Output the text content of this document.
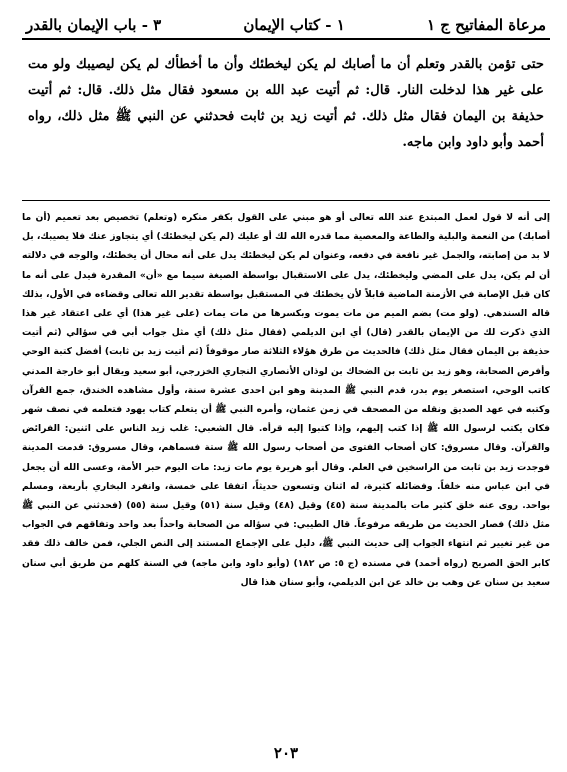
مرعاة المفاتيح ج ١
١ - كتاب الإيمان
٣ - باب الإيمان بالقدر

حتى تؤمن بالقدر وتعلم أن ما أصابك لم يكن ليخطئك وأن ما أخطأك لم يكن ليصيبك ولو مت على غير هذا لدخلت النار. قال: ثم أتيت عبد الله بن مسعود فقال مثل ذلك. قال: ثم أتيت حذيفة بن اليمان فقال مثل ذلك. ثم أتيت زيد بن ثابت فحدثني عن النبي ﷺ مثل ذلك، رواه أحمد وأبو داود وابن ماجه.

إلى أنه لا قول لعمل المبتدع عند الله تعالى أو هو مبني على القول بكفر منكره (وتعلم) تخصيص بعد تعميم (أن ما أصابك) من النعمة والبلية والطاعة والمعصية مما قدره الله لك أو عليك (لم يكن ليخطئك) أي يتجاوز عنك فلا يصيبك، بل لا بد من إصابته، والجمل غير نافعة في دفعه، وعنوان لم يكن ليخطئك يدل على أنه محال أن يخطئك، والوجه في دلالته أن لم يكن، يدل على المضي وليخطئك، يدل على الاستقبال بواسطة الصيغة سيما مع «أن» المقدرة فيدل على أنه ما كان قبل الإصابة في الأزمنة الماضية قابلاً لأن يخطئك في المستقبل بواسطة تقدير الله تعالى وقضاءه في الأول، بذلك قاله السندهي. (ولو مت) بضم الميم من مات يموت وبكسرها من مات يمات (على غير هذا) أي على اعتقاد غير هذا الذي ذكرت لك من الإيمان بالقدر (قال) أي ابن الديلمي (فقال مثل ذلك) أي مثل جواب أبي في سؤالي (ثم أتيت حذيفة بن اليمان فقال مثل ذلك) فالحديث من طرق هؤلاء الثلاثة صار موقوفاً (ثم أتيت زيد بن ثابت) أفضل كتبة الوحي وأفرض الصحابة، وهو زيد بن ثابت بن الضحاك بن لوذان الأنصاري النجاري الخزرجي، أبو سعيد ويقال أبو خارجة المدني كاتب الوحي، استصغر يوم بدر، قدم النبي ﷺ المدينة وهو ابن احدى عشرة سنة، وأول مشاهده الخندق، جمع القرآن وكتبه في عهد الصديق ونقله من المصحف في زمن عثمان، وأمره النبي ﷺ أن يتعلم كتاب يهود فتعلمه في نصف شهر فكان يكتب لرسول الله ﷺ إذا كتب إليهم، وإذا كتبوا إليه قرأه. قال الشعبي: غلب زيد الناس على اثنين: الفرائض والقرآن. وقال مسروق: كان أصحاب الفتوى من أصحاب رسول الله ﷺ ستة فسماهم، وقال مسروق: قدمت المدينة فوجدت زيد بن ثابت من الراسخين في العلم. وقال أبو هريرة يوم مات زيد: مات اليوم حبر الأمة، وعسى الله أن يجعل في ابن عباس منه خلفاً. وفضائله كثيرة، له اثنان وتسعون حديثاً، اتفقا على خمسة، وانفرد البخاري بأربعة، ومسلم بواحد. روى عنه خلق كثير مات بالمدينة سنة (٤٥) وقيل (٤٨) وقيل سنة (٥١) وقيل سنة (٥٥) (فحدثني عن النبي ﷺ مثل ذلك) فصار الحديث من طريقه مرفوعاً. قال الطيبي: في سؤاله من الصحابة واحداً بعد واحد وتفاقهم في الجواب من غير تغيير ثم انتهاء الجواب إلى حديث النبي ﷺ، دليل على الإجماع المستند إلى النص الجلي، فمن خالف ذلك فقد كابر الحق الصريح (رواه أحمد) في مسنده (ج ٥: ص ١٨٢) (وأبو داود وابن ماجه) في السنة كلهم من طريق أبي سنان سعيد بن سنان عن وهب بن خالد عن ابن الديلمي، وأبو سنان هذا قال

٢٠٣
